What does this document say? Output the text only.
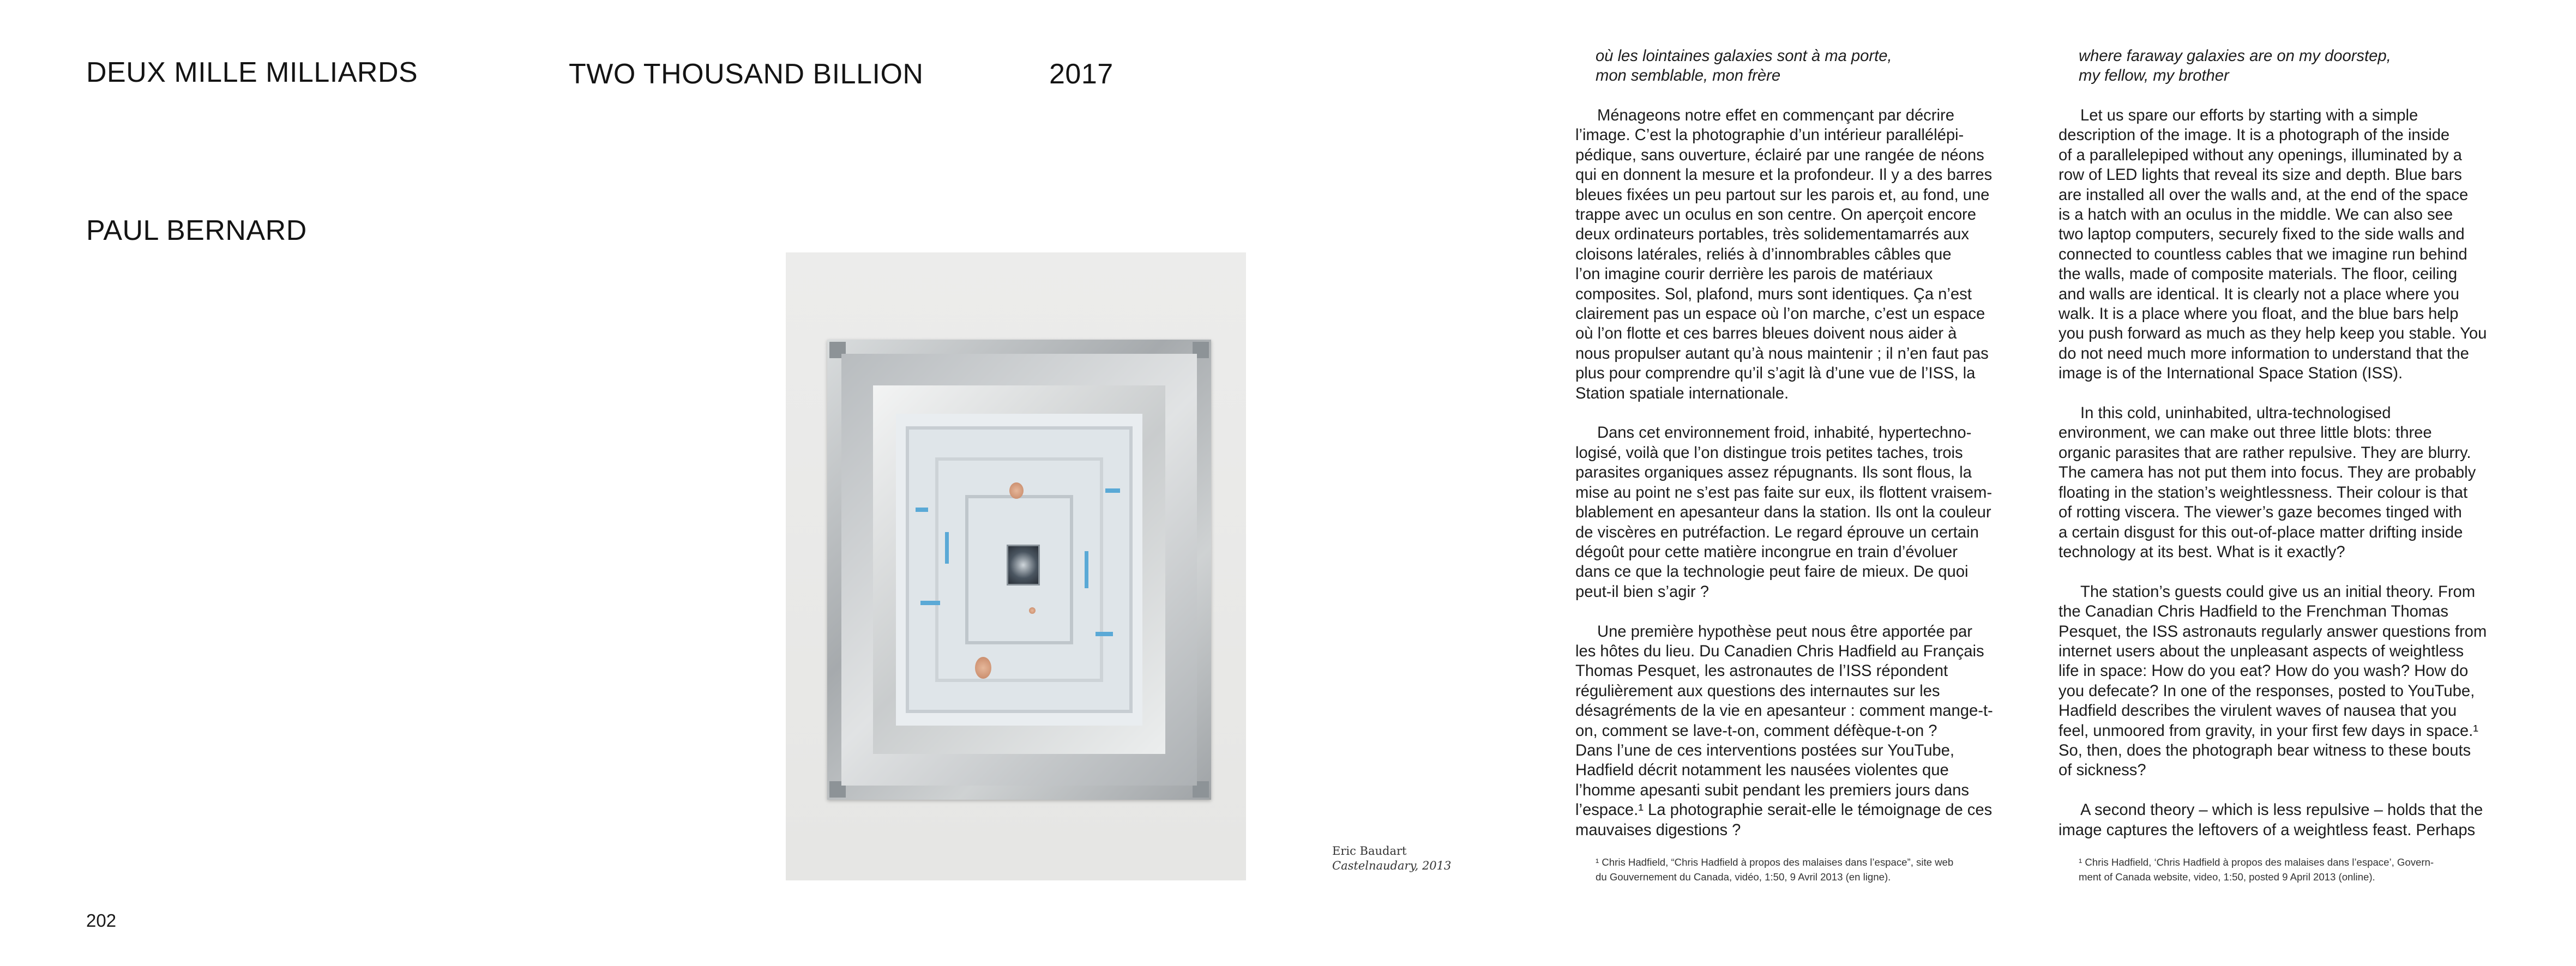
DEUX MILLE MILLIARDS	TWO THOUSAND BILLION	2017
PAUL BERNARD
202
Eric Baudart
Castelnaudary, 2013
où les lointaines galaxies sont à ma porte,
mon semblable, mon frère
where faraway galaxies are on my doorstep,
my fellow, my brother

Ménageons notre effet en commençant par décrire
l’image. C’est la photographie d’un intérieur parallélépi-
pédique, sans ouverture, éclairé par une rangée de néons
qui en donnent la mesure et la profondeur. Il y a des barres
bleues fixées un peu partout sur les parois et, au fond, une
trappe avec un oculus en son centre. On aperçoit encore
deux ordinateurs portables, très solidementamarrés aux
cloisons latérales, reliés à d’innombrables câbles que
l’on imagine courir derrière les parois de matériaux
composites. Sol, plafond, murs sont identiques. Ça n’est
clairement pas un espace où l’on marche, c’est un espace
où l’on flotte et ces barres bleues doivent nous aider à
nous propulser autant qu’à nous maintenir ; il n’en faut pas
plus pour comprendre qu’il s’agit là d’une vue de l’ISS, la
Station spatiale internationale.

Dans cet environnement froid, inhabité, hypertechno-
logisé, voilà que l’on distingue trois petites taches, trois
parasites organiques assez répugnants. Ils sont flous, la
mise au point ne s’est pas faite sur eux, ils flottent vraisem-
blablement en apesanteur dans la station. Ils ont la couleur
de viscères en putréfaction. Le regard éprouve un certain
dégoût pour cette matière incongrue en train d’évoluer
dans ce que la technologie peut faire de mieux. De quoi
peut-il bien s’agir ?

Une première hypothèse peut nous être apportée par
les hôtes du lieu. Du Canadien Chris Hadfield au Français
Thomas Pesquet, les astronautes de l’ISS répondent
régulièrement aux questions des internautes sur les
désagréments de la vie en apesanteur : comment mange-t-
on, comment se lave-t-on, comment défèque-t-on ?
Dans l’une de ces interventions postées sur YouTube,
Hadfield décrit notamment les nausées violentes que
l’homme apesanti subit pendant les premiers jours dans
l’espace.¹ La photographie serait-elle le témoignage de ces
mauvaises digestions ?

Let us spare our efforts by starting with a simple
description of the image. It is a photograph of the inside
of a parallelepiped without any openings, illuminated by a
row of LED lights that reveal its size and depth. Blue bars
are installed all over the walls and, at the end of the space
is a hatch with an oculus in the middle. We can also see
two laptop computers, securely fixed to the side walls and
connected to countless cables that we imagine run behind
the walls, made of composite materials. The floor, ceiling
and walls are identical. It is clearly not a place where you
walk. It is a place where you float, and the blue bars help
you push forward as much as they help keep you stable. You
do not need much more information to understand that the
image is of the International Space Station (ISS).

In this cold, uninhabited, ultra-technologised
environment, we can make out three little blots: three
organic parasites that are rather repulsive. They are blurry.
The camera has not put them into focus. They are probably
floating in the station’s weightlessness. Their colour is that
of rotting viscera. The viewer’s gaze becomes tinged with
a certain disgust for this out-of-place matter drifting inside
technology at its best. What is it exactly?

The station’s guests could give us an initial theory. From
the Canadian Chris Hadfield to the Frenchman Thomas
Pesquet, the ISS astronauts regularly answer questions from
internet users about the unpleasant aspects of weightless
life in space: How do you eat? How do you wash? How do
you defecate? In one of the responses, posted to YouTube,
Hadfield describes the virulent waves of nausea that you
feel, unmoored from gravity, in your first few days in space.¹
So, then, does the photograph bear witness to these bouts
of sickness?

A second theory – which is less repulsive – holds that the
image captures the leftovers of a weightless feast. Perhaps

¹ Chris Hadfield, “Chris Hadfield à propos des malaises dans l’espace”, site web
du Gouvernement du Canada, vidéo, 1:50, 9 Avril 2013 (en ligne).
¹ Chris Hadfield, ‘Chris Hadfield à propos des malaises dans l’espace’, Govern-
ment of Canada website, video, 1:50, posted 9 April 2013 (online).
